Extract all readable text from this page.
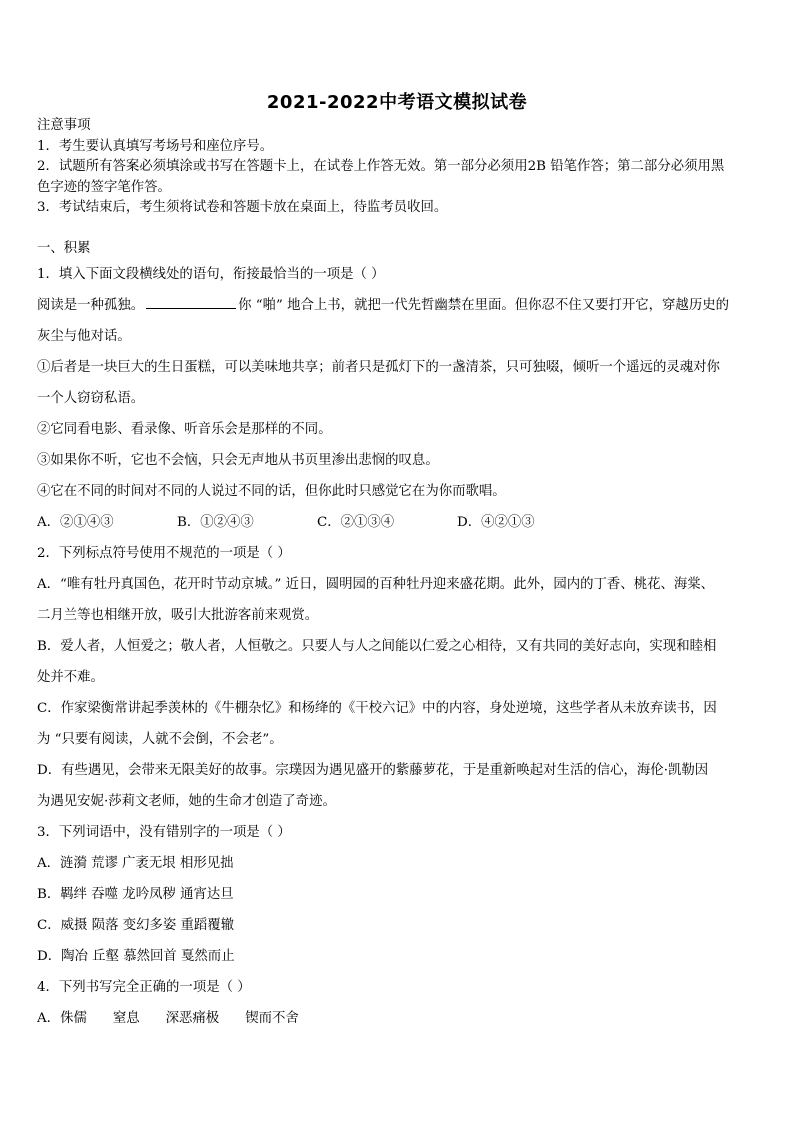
2021-2022中考语文模拟试卷
注意事项
1．考生要认真填写考场号和座位序号。
2．试题所有答案必须填涂或书写在答题卡上，在试卷上作答无效。第一部分必须用2B 铅笔作答；第二部分必须用黑
色字迹的签字笔作答。
3．考试结束后，考生须将试卷和答题卡放在桌面上，待监考员收回。
一、积累
1．填入下面文段横线处的语句，衔接最恰当的一项是（ ）
阅读是一种孤独。	你 “啪” 地合上书，就把一代先哲幽禁在里面。但你忍不住又要打开它，穿越历史的
灰尘与他对话。
①后者是一块巨大的生日蛋糕，可以美味地共享；前者只是孤灯下的一盏清茶，只可独啜，倾听一个遥远的灵魂对你
一个人窃窃私语。
②它同看电影、看录像、听音乐会是那样的不同。
③如果你不听，它也不会恼，只会无声地从书页里渗出悲悯的叹息。
④它在不同的时间对不同的人说过不同的话，但你此时只感觉它在为你而歌唱。
A．②①④③	B．①②④③	C．②①③④	D．④②①③
2．下列标点符号使用不规范的一项是（ ）
A．“唯有牡丹真国色，花开时节动京城。” 近日，圆明园的百种牡丹迎来盛花期。此外，园内的丁香、桃花、海棠、
二月兰等也相继开放，吸引大批游客前来观赏。
B．爱人者，人恒爱之；敬人者，人恒敬之。只要人与人之间能以仁爱之心相待，又有共同的美好志向，实现和睦相
处并不难。
C．作家梁衡常讲起季羡林的《牛棚杂忆》和杨绛的《干校六记》中的内容，身处逆境，这些学者从未放弃读书，因
为 “只要有阅读，人就不会倒，不会老”。
D．有些遇见，会带来无限美好的故事。宗璞因为遇见盛开的紫藤萝花，于是重新唤起对生活的信心，海伦·凯勒因
为遇见安妮·莎莉文老师，她的生命才创造了奇迹。
3．下列词语中，没有错别字的一项是（ ）
A．涟漪 荒谬 广袤无垠 相形见拙
B．羁绊 吞噬 龙吟凤秽 通宵达旦
C．威摄 陨落 变幻多姿 重蹈覆辙
D．陶冶 丘壑 慕然回首 戛然而止
4．下列书写完全正确的一项是（ ）
A．侏儒 窒息 深恶痛极 锲而不舍
